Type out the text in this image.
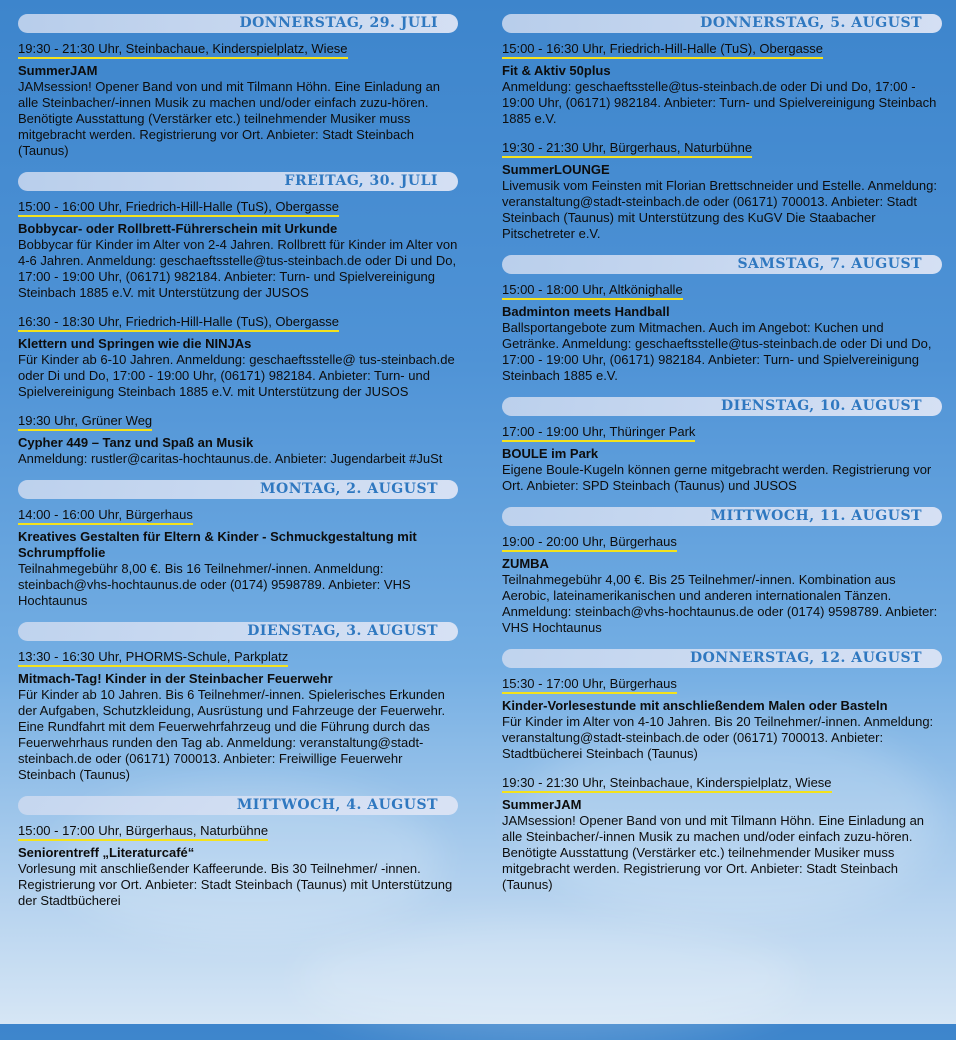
DONNERSTAG, 29. JULI
19:30 - 21:30 Uhr, Steinbachaue, Kinderspielplatz, Wiese
SummerJAM
JAMsession! Opener Band von und mit Tilmann Höhn. Eine Einladung an alle Steinbacher/-innen Musik zu machen und/oder einfach zuzu-hören. Benötigte Ausstattung (Verstärker etc.) teilnehmender Musiker muss mitgebracht werden. Registrierung vor Ort. Anbieter: Stadt Steinbach (Taunus)
FREITAG, 30. JULI
15:00 - 16:00 Uhr, Friedrich-Hill-Halle (TuS), Obergasse
Bobbycar- oder Rollbrett-Führerschein mit Urkunde
Bobbycar für Kinder im Alter von 2-4 Jahren. Rollbrett für Kinder im Alter von 4-6 Jahren. Anmeldung: geschaeftsstelle@tus-steinbach.de oder Di und Do, 17:00 - 19:00 Uhr, (06171) 982184. Anbieter: Turn- und Spielvereinigung Steinbach 1885 e.V. mit Unterstützung der JUSOS
16:30 - 18:30 Uhr, Friedrich-Hill-Halle (TuS), Obergasse
Klettern und Springen wie die NINJAs
Für Kinder ab 6-10 Jahren. Anmeldung: geschaeftsstelle@ tus-steinbach.de oder Di und Do, 17:00 - 19:00 Uhr, (06171) 982184. Anbieter: Turn- und Spielvereinigung Steinbach 1885 e.V. mit Unterstützung der JUSOS
19:30 Uhr, Grüner Weg
Cypher 449 – Tanz und Spaß an Musik
Anmeldung: rustler@caritas-hochtaunus.de. Anbieter: Jugendarbeit #JuSt
MONTAG, 2. AUGUST
14:00 - 16:00 Uhr, Bürgerhaus
Kreatives Gestalten für Eltern & Kinder - Schmuckgestaltung mit Schrumpffolie
Teilnahmegebühr 8,00 €. Bis 16 Teilnehmer/-innen. Anmeldung: steinbach@vhs-hochtaunus.de oder (0174) 9598789. Anbieter: VHS Hochtaunus
DIENSTAG, 3. AUGUST
13:30 - 16:30 Uhr, PHORMS-Schule, Parkplatz
Mitmach-Tag! Kinder in der Steinbacher Feuerwehr
Für Kinder ab 10 Jahren. Bis 6 Teilnehmer/-innen. Spielerisches Erkunden der Aufgaben, Schutzkleidung, Ausrüstung und Fahrzeuge der Feuerwehr. Eine Rundfahrt mit dem Feuerwehrfahrzeug und die Führung durch das Feuerwehrhaus runden den Tag ab. Anmeldung: veranstaltung@stadt-steinbach.de oder (06171) 700013. Anbieter: Freiwillige Feuerwehr Steinbach (Taunus)
MITTWOCH, 4. AUGUST
15:00 - 17:00 Uhr, Bürgerhaus, Naturbühne
Seniorentreff „Literaturcafé“
Vorlesung mit anschließender Kaffeerunde. Bis 30 Teilnehmer/ -innen. Registrierung vor Ort. Anbieter: Stadt Steinbach (Taunus) mit Unterstützung der Stadtbücherei
DONNERSTAG, 5. AUGUST
15:00 - 16:30 Uhr, Friedrich-Hill-Halle (TuS), Obergasse
Fit & Aktiv 50plus
Anmeldung: geschaeftsstelle@tus-steinbach.de oder Di und Do, 17:00 - 19:00 Uhr, (06171) 982184. Anbieter: Turn- und Spielvereinigung Steinbach 1885 e.V.
19:30 - 21:30 Uhr, Bürgerhaus, Naturbühne
SummerLOUNGE
Livemusik vom Feinsten mit Florian Brettschneider und Estelle. Anmeldung: veranstaltung@stadt-steinbach.de oder (06171) 700013. Anbieter: Stadt Steinbach (Taunus) mit Unterstützung des KuGV Die Staabacher Pitschetreter e.V.
SAMSTAG, 7. AUGUST
15:00 - 18:00 Uhr, Altkönighalle
Badminton meets Handball
Ballsportangebote zum Mitmachen. Auch im Angebot: Kuchen und Getränke. Anmeldung: geschaeftsstelle@tus-steinbach.de oder Di und Do, 17:00 - 19:00 Uhr, (06171) 982184. Anbieter: Turn- und Spielvereinigung Steinbach 1885 e.V.
DIENSTAG, 10. AUGUST
17:00 - 19:00 Uhr, Thüringer Park
BOULE im Park
Eigene Boule-Kugeln können gerne mitgebracht werden. Registrierung vor Ort. Anbieter: SPD Steinbach (Taunus) und JUSOS
MITTWOCH, 11. AUGUST
19:00 - 20:00 Uhr, Bürgerhaus
ZUMBA
Teilnahmegebühr 4,00 €. Bis 25 Teilnehmer/-innen. Kombination aus Aerobic, lateinamerikanischen und anderen internationalen Tänzen. Anmeldung: steinbach@vhs-hochtaunus.de oder (0174) 9598789. Anbieter: VHS Hochtaunus
DONNERSTAG, 12. AUGUST
15:30 - 17:00 Uhr, Bürgerhaus
Kinder-Vorlesestunde mit anschließendem Malen oder Basteln
Für Kinder im Alter von 4-10 Jahren. Bis 20 Teilnehmer/-innen. Anmeldung: veranstaltung@stadt-steinbach.de oder (06171) 700013. Anbieter: Stadtbücherei Steinbach (Taunus)
19:30 - 21:30 Uhr, Steinbachaue, Kinderspielplatz, Wiese
SummerJAM
JAMsession! Opener Band von und mit Tilmann Höhn. Eine Einladung an alle Steinbacher/-innen Musik zu machen und/oder einfach zuzu-hören. Benötigte Ausstattung (Verstärker etc.) teilnehmender Musiker muss mitgebracht werden. Registrierung vor Ort. Anbieter: Stadt Steinbach (Taunus)
